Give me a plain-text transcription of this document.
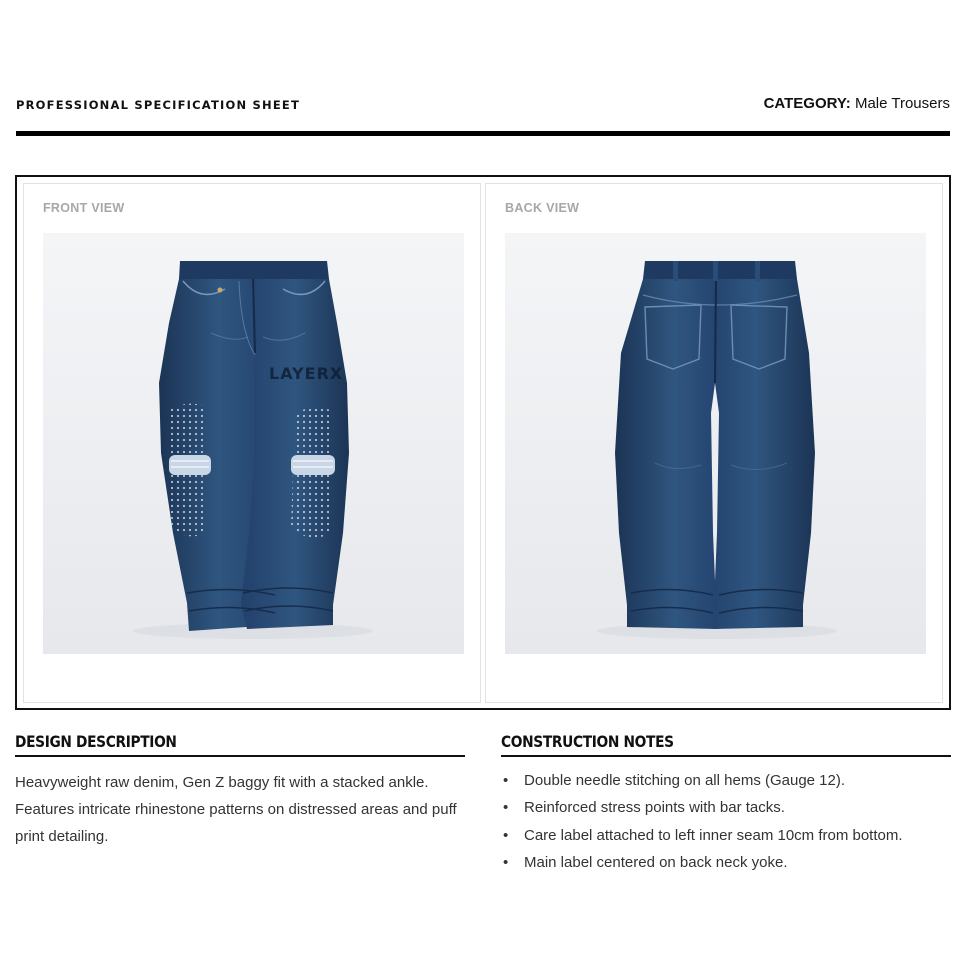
PROFESSIONAL SPECIFICATION SHEET	CATEGORY: Male Trousers
FRONT VIEW
LAYERX
BACK VIEW
DESIGN DESCRIPTION

Heavyweight raw denim, Gen Z baggy fit with a stacked ankle. Features intricate rhinestone patterns on distressed areas and puff print detailing.

CONSTRUCTION NOTES
• Double needle stitching on all hems (Gauge 12).
• Reinforced stress points with bar tacks.
• Care label attached to left inner seam 10cm from bottom.
• Main label centered on back neck yoke.
